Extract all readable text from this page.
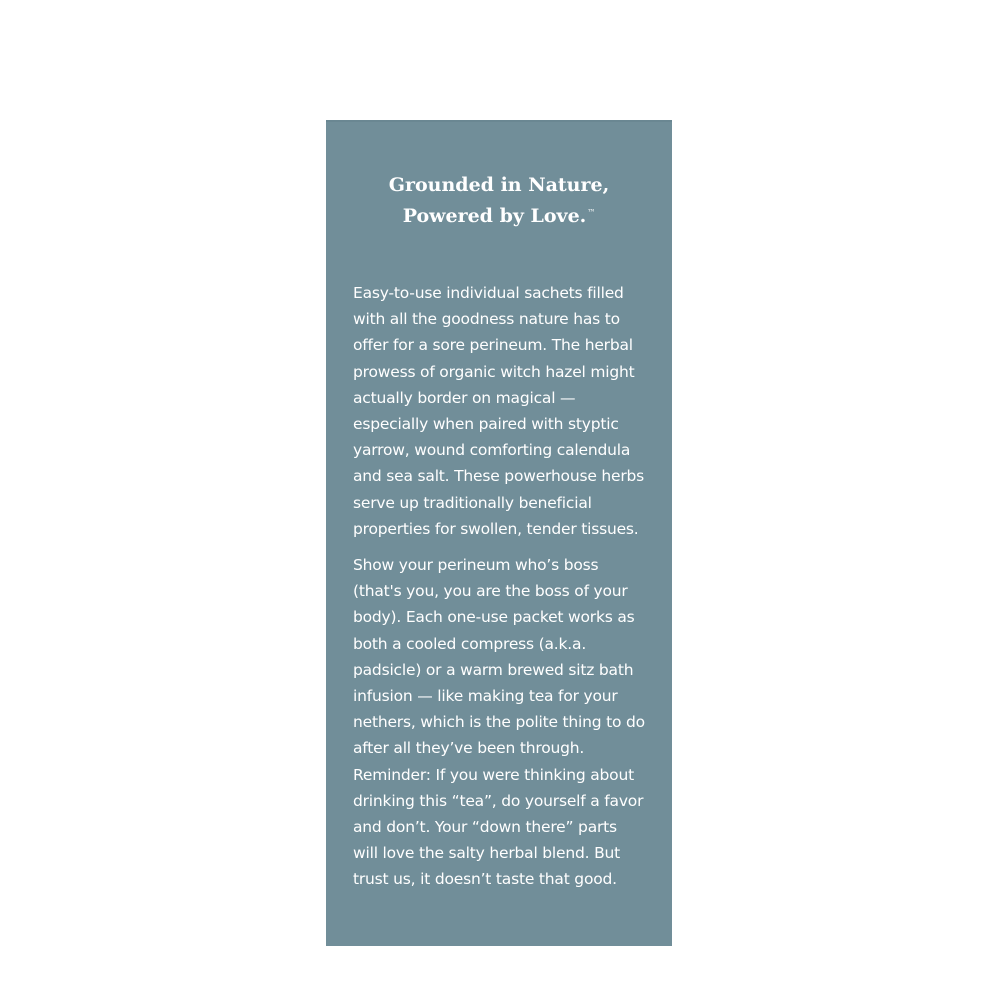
Grounded in Nature,
Powered by Love.™

Easy-to-use individual sachets filled
with all the goodness nature has to
offer for a sore perineum. The herbal
prowess of organic witch hazel might
actually border on magical —
especially when paired with styptic
yarrow, wound comforting calendula
and sea salt. These powerhouse herbs
serve up traditionally beneficial
properties for swollen, tender tissues.

Show your perineum who’s boss
(that's you, you are the boss of your
body). Each one-use packet works as
both a cooled compress (a.k.a.
padsicle) or a warm brewed sitz bath
infusion — like making tea for your
nethers, which is the polite thing to do
after all they’ve been through.
Reminder: If you were thinking about
drinking this “tea”, do yourself a favor
and don’t. Your “down there” parts
will love the salty herbal blend. But
trust us, it doesn’t taste that good.
